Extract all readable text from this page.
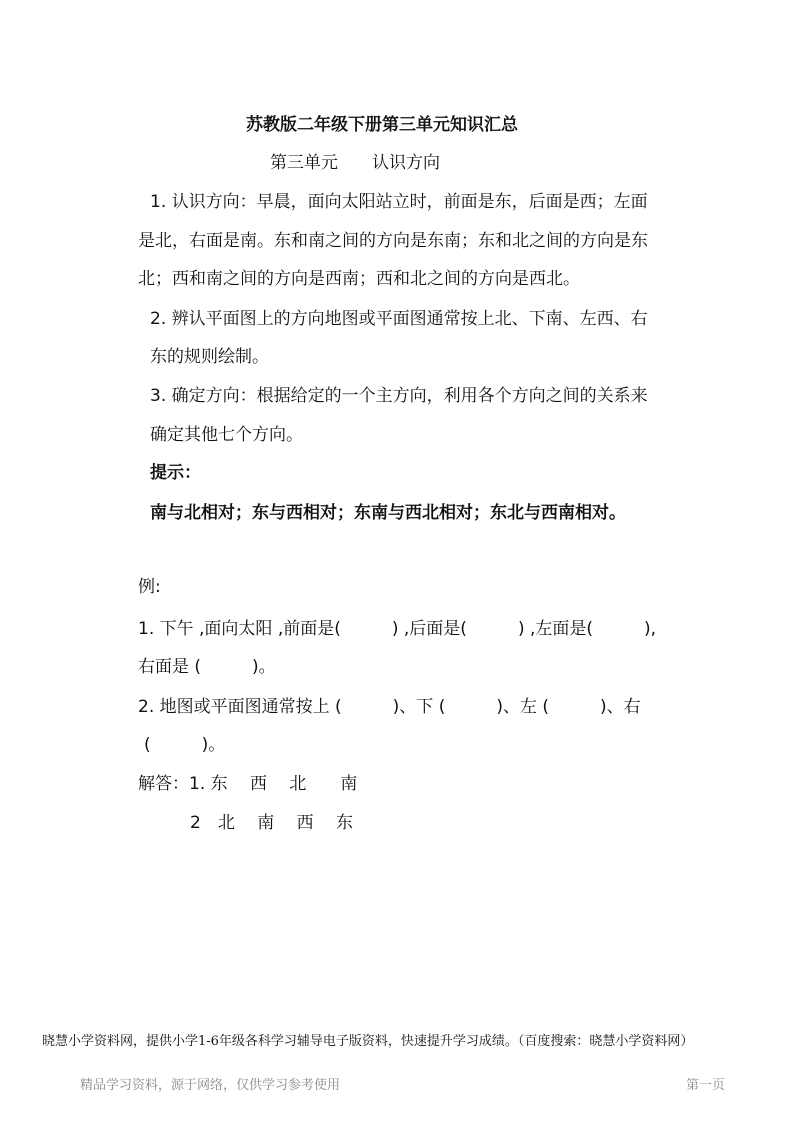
苏教版二年级下册第三单元知识汇总
第三单元　　认识方向
1. 认识方向：早晨，面向太阳站立时，前面是东，后面是西；左面
是北，右面是南。东和南之间的方向是东南；东和北之间的方向是东
北；西和南之间的方向是西南；西和北之间的方向是西北。
2. 辨认平面图上的方向地图或平面图通常按上北、下南、左西、右
东的规则绘制。
3. 确定方向：根据给定的一个主方向，利用各个方向之间的关系来
确定其他七个方向。
提示：
南与北相对；东与西相对；东南与西北相对；东北与西南相对。
例:
1. 下午 ,面向太阳 ,前面是(　　　) ,后面是(　　　) ,左面是(　　　),
右面是 (　　　)。
2. 地图或平面图通常按上 (　　　)、下 (　　　)、左 (　　　)、右
(　　　)。
解答：1. 东　 西　 北　　南
2　北　 南　 西　 东
晓慧小学资料网，提供小学1-6年级各科学习辅导电子版资料，快速提升学习成绩。（百度搜索：晓慧小学资料网）
精品学习资料，源于网络，仅供学习参考使用	第一页
